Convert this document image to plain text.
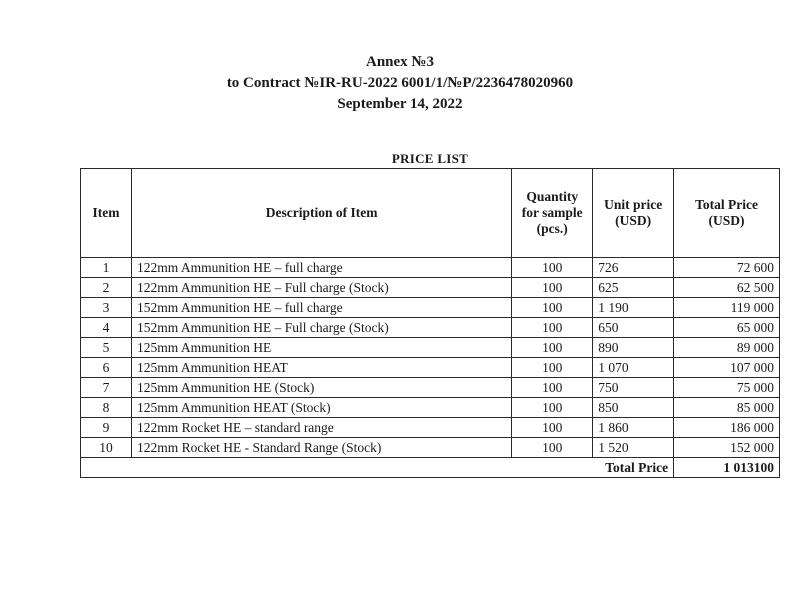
Annex №3
to Contract №IR-RU-2022 6001/1/№P/2236478020960
September 14, 2022
PRICE LIST
Item	Description of Item	Quantity for sample (pcs.)	Unit price (USD)	Total Price (USD)
1	122mm Ammunition HE – full charge	100	726	72 600
2	122mm Ammunition HE – Full charge (Stock)	100	625	62 500
3	152mm Ammunition HE – full charge	100	1 190	119 000
4	152mm Ammunition HE – Full charge (Stock)	100	650	65 000
5	125mm Ammunition HE	100	890	89 000
6	125mm Ammunition HEAT	100	1 070	107 000
7	125mm Ammunition HE (Stock)	100	750	75 000
8	125mm Ammunition HEAT (Stock)	100	850	85 000
9	122mm Rocket HE – standard range	100	1 860	186 000
10	122mm Rocket HE - Standard Range (Stock)	100	1 520	152 000
Total Price				1 013100
